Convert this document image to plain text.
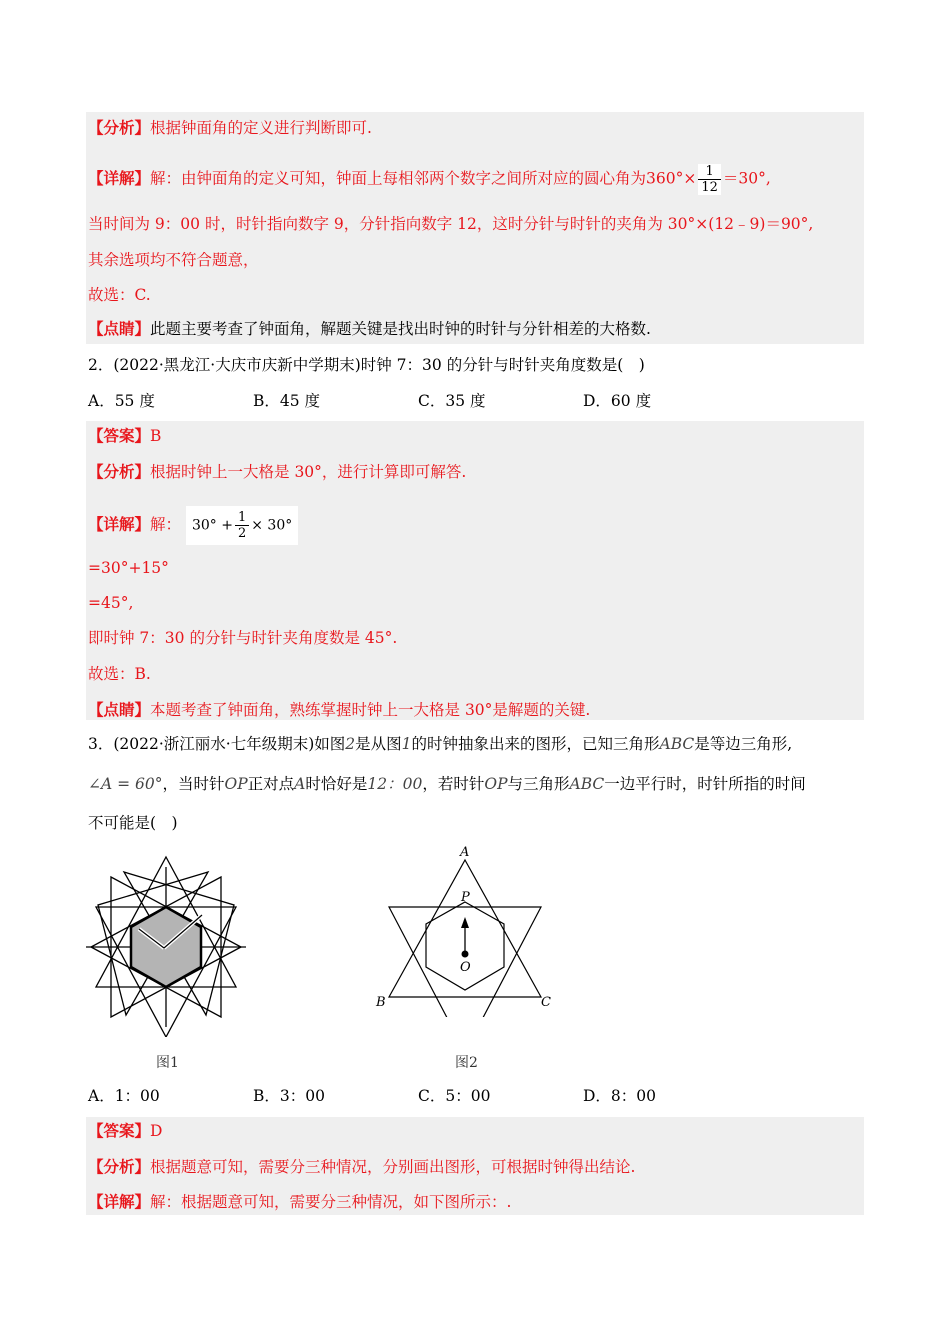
【分析】根据钟面角的定义进行判断即可.
【详解】解：由钟面角的定义可知，钟面上每相邻两个数字之间所对应的圆心角为$360^\circ\times \frac{1}{12} =30^\circ$,
当时间为 9：00 时，时针指向数字 9，分针指向数字 12，这时分针与时针的夹角为 30°×(12﹣9)＝90°,
其余选项均不符合题意，
故选：C.
【点睛】此题主要考查了钟面角，解题关键是找出时钟的时针与分针相差的大格数.
2．(2022·黑龙江·大庆市庆新中学期末)时钟 7：30 的分针与时针夹角度数是(　)
A．55 度	B．45 度	C．35 度	D．60 度
【答案】B
【分析】根据时钟上一大格是 30°，进行计算即可解答.
【详解】解： $30^\circ + \frac{1}{2} \times 30^\circ$
=30°+15°
=45°,
即时钟 7：30 的分针与时针夹角度数是 45°.
故选：B.
【点睛】本题考查了钟面角，熟练掌握时钟上一大格是 30°是解题的关键.
3．(2022·浙江丽水·七年级期末)如图2是从图1的时钟抽象出来的图形，已知三角形ABC是等边三角形,
∠A = 60°，当时针OP正对点A时恰好是12：00，若时针OP与三角形ABC一边平行时，时针所指的时间
不可能是(　)
图1
A
P
O
B	C
图2
A．1：00	B．3：00	C．5：00	D．8：00
【答案】D
【分析】根据题意可知，需要分三种情况，分别画出图形，可根据时钟得出结论.
【详解】解：根据题意可知，需要分三种情况，如下图所示：.
